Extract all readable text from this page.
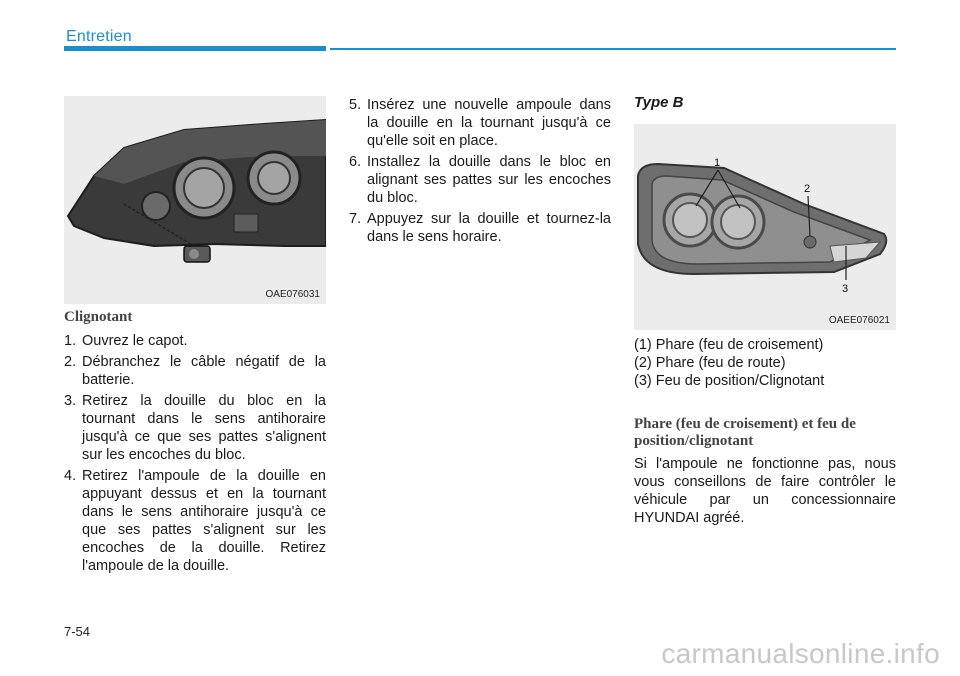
Entretien
OAE076031

Clignotant

1. Ouvrez le capot.
2. Débranchez le câble négatif de la batterie.
3. Retirez la douille du bloc en la tournant dans le sens antihoraire jusqu'à ce que ses pattes s'alignent sur les encoches du bloc.
4. Retirez l'ampoule de la douille en appuyant dessus et en la tournant dans le sens antihoraire jusqu'à ce que ses pattes s'alignent sur les encoches de la douille. Retirez l'ampoule de la douille.
5. Insérez une nouvelle ampoule dans la douille en la tournant jusqu'à ce qu'elle soit en place.
6. Installez la douille dans le bloc en alignant ses pattes sur les encoches du bloc.
7. Appuyez sur la douille et tournez-la dans le sens horaire.

Type B

1
2
3
OAEE076021

(1) Phare (feu de croisement)

(2) Phare (feu de route)

(3) Feu de position/Clignotant

Phare (feu de croisement) et feu de position/clignotant

Si l'ampoule ne fonctionne pas, nous vous conseillons de faire contrôler le véhicule par un concessionnaire HYUNDAI agréé.

7-54
carmanualsonline.info
